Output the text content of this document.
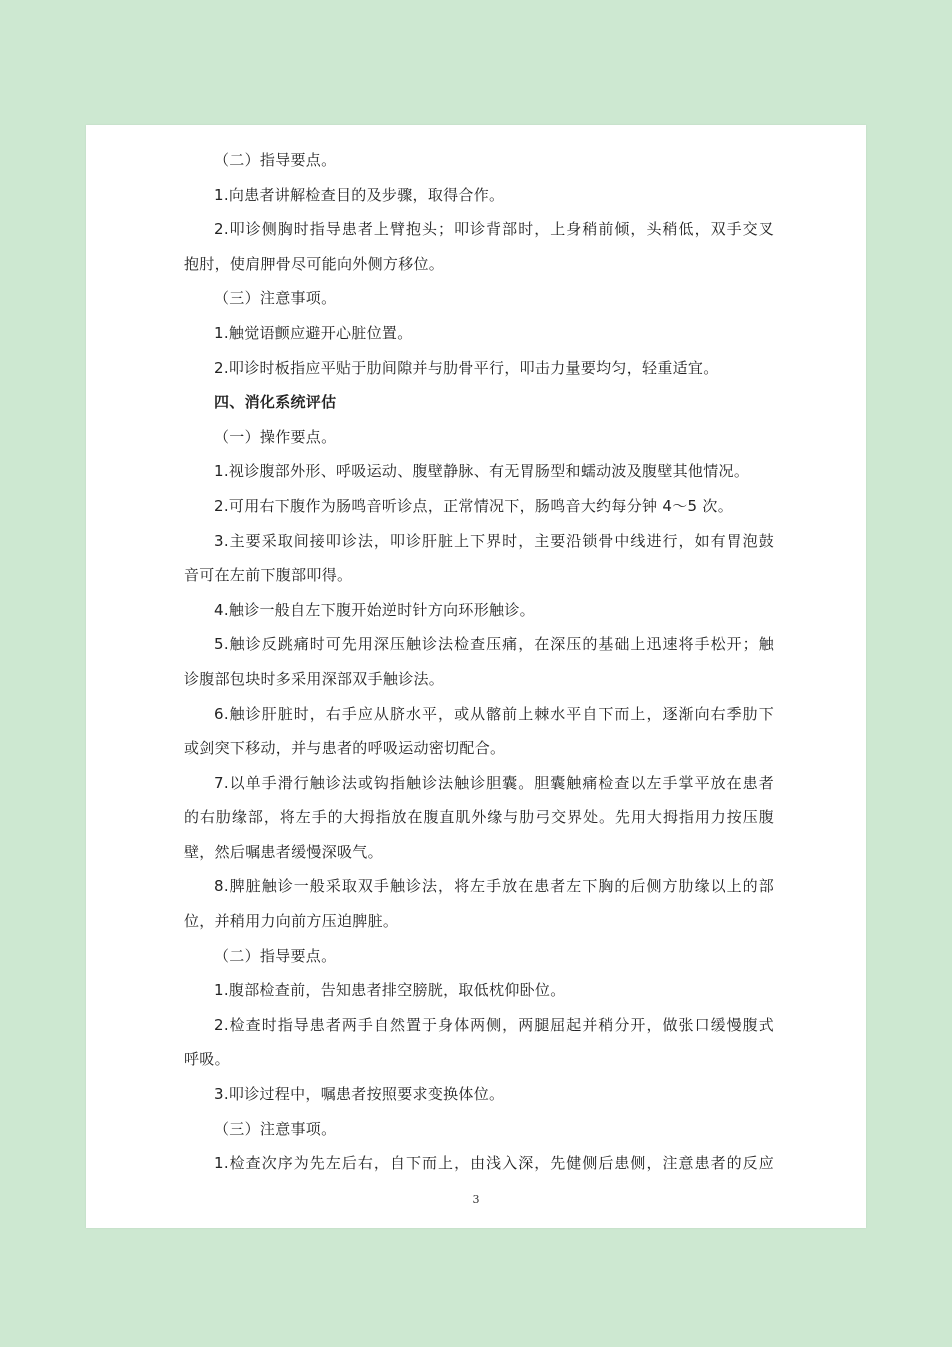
（二）指导要点。
1.向患者讲解检查目的及步骤，取得合作。
2.叩诊侧胸时指导患者上臂抱头；叩诊背部时，上身稍前倾，头稍低，双手交叉
抱肘，使肩胛骨尽可能向外侧方移位。
（三）注意事项。
1.触觉语颤应避开心脏位置。
2.叩诊时板指应平贴于肋间隙并与肋骨平行，叩击力量要均匀，轻重适宜。
四、消化系统评估
（一）操作要点。
1.视诊腹部外形、呼吸运动、腹壁静脉、有无胃肠型和蠕动波及腹壁其他情况。
2.可用右下腹作为肠鸣音听诊点，正常情况下，肠鸣音大约每分钟 4～5 次。
3.主要采取间接叩诊法，叩诊肝脏上下界时，主要沿锁骨中线进行，如有胃泡鼓
音可在左前下腹部叩得。
4.触诊一般自左下腹开始逆时针方向环形触诊。
5.触诊反跳痛时可先用深压触诊法检查压痛，在深压的基础上迅速将手松开；触
诊腹部包块时多采用深部双手触诊法。
6.触诊肝脏时，右手应从脐水平，或从髂前上棘水平自下而上，逐渐向右季肋下
或剑突下移动，并与患者的呼吸运动密切配合。
7.以单手滑行触诊法或钩指触诊法触诊胆囊。胆囊触痛检查以左手掌平放在患者
的右肋缘部，将左手的大拇指放在腹直肌外缘与肋弓交界处。先用大拇指用力按压腹
壁，然后嘱患者缓慢深吸气。
8.脾脏触诊一般采取双手触诊法，将左手放在患者左下胸的后侧方肋缘以上的部
位，并稍用力向前方压迫脾脏。
（二）指导要点。
1.腹部检查前，告知患者排空膀胱，取低枕仰卧位。
2.检查时指导患者两手自然置于身体两侧，两腿屈起并稍分开，做张口缓慢腹式
呼吸。
3.叩诊过程中，嘱患者按照要求变换体位。
（三）注意事项。
1.检查次序为先左后右，自下而上，由浅入深，先健侧后患侧，注意患者的反应
3
